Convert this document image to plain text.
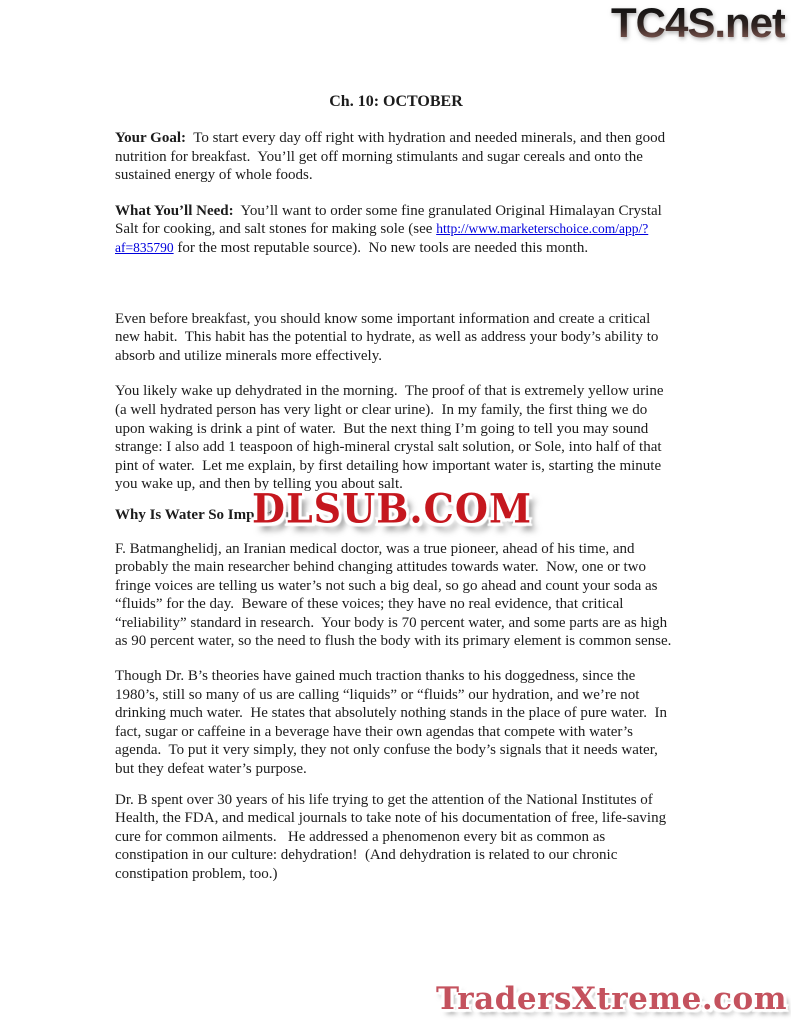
Ch. 10: OCTOBER

Your Goal:  To start every day off right with hydration and needed minerals, and then good nutrition for breakfast.  You’ll get off morning stimulants and sugar cereals and onto the sustained energy of whole foods.

What You’ll Need:  You’ll want to order some fine granulated Original Himalayan Crystal Salt for cooking, and salt stones for making sole (see http://www.marketerschoice.com/app/?af=835790 for the most reputable source).  No new tools are needed this month.

Even before breakfast, you should know some important information and create a critical new habit.  This habit has the potential to hydrate, as well as address your body’s ability to absorb and utilize minerals more effectively.

You likely wake up dehydrated in the morning.  The proof of that is extremely yellow urine (a well hydrated person has very light or clear urine).  In my family, the first thing we do upon waking is drink a pint of water.  But the next thing I’m going to tell you may sound strange: I also add 1 teaspoon of high-mineral crystal salt solution, or Sole, into half of that pint of water.  Let me explain, by first detailing how important water is, starting the minute you wake up, and then by telling you about salt.

Why Is Water So Important?

F. Batmanghelidj, an Iranian medical doctor, was a true pioneer, ahead of his time, and probably the main researcher behind changing attitudes towards water.  Now, one or two fringe voices are telling us water’s not such a big deal, so go ahead and count your soda as “fluids” for the day.  Beware of these voices; they have no real evidence, that critical “reliability” standard in research.  Your body is 70 percent water, and some parts are as high as 90 percent water, so the need to flush the body with its primary element is common sense.

Though Dr. B’s theories have gained much traction thanks to his doggedness, since the 1980’s, still so many of us are calling “liquids” or “fluids” our hydration, and we’re not drinking much water.  He states that absolutely nothing stands in the place of pure water.  In fact, sugar or caffeine in a beverage have their own agendas that compete with water’s agenda.  To put it very simply, they not only confuse the body’s signals that it needs water, but they defeat water’s purpose.

Dr. B spent over 30 years of his life trying to get the attention of the National Institutes of Health, the FDA, and medical journals to take note of his documentation of free, life-saving cure for common ailments.   He addressed a phenomenon every bit as common as constipation in our culture: dehydration!  (And dehydration is related to our chronic constipation problem, too.)

TC4S.net
DLSUB.COM
TradersXtreme.com
